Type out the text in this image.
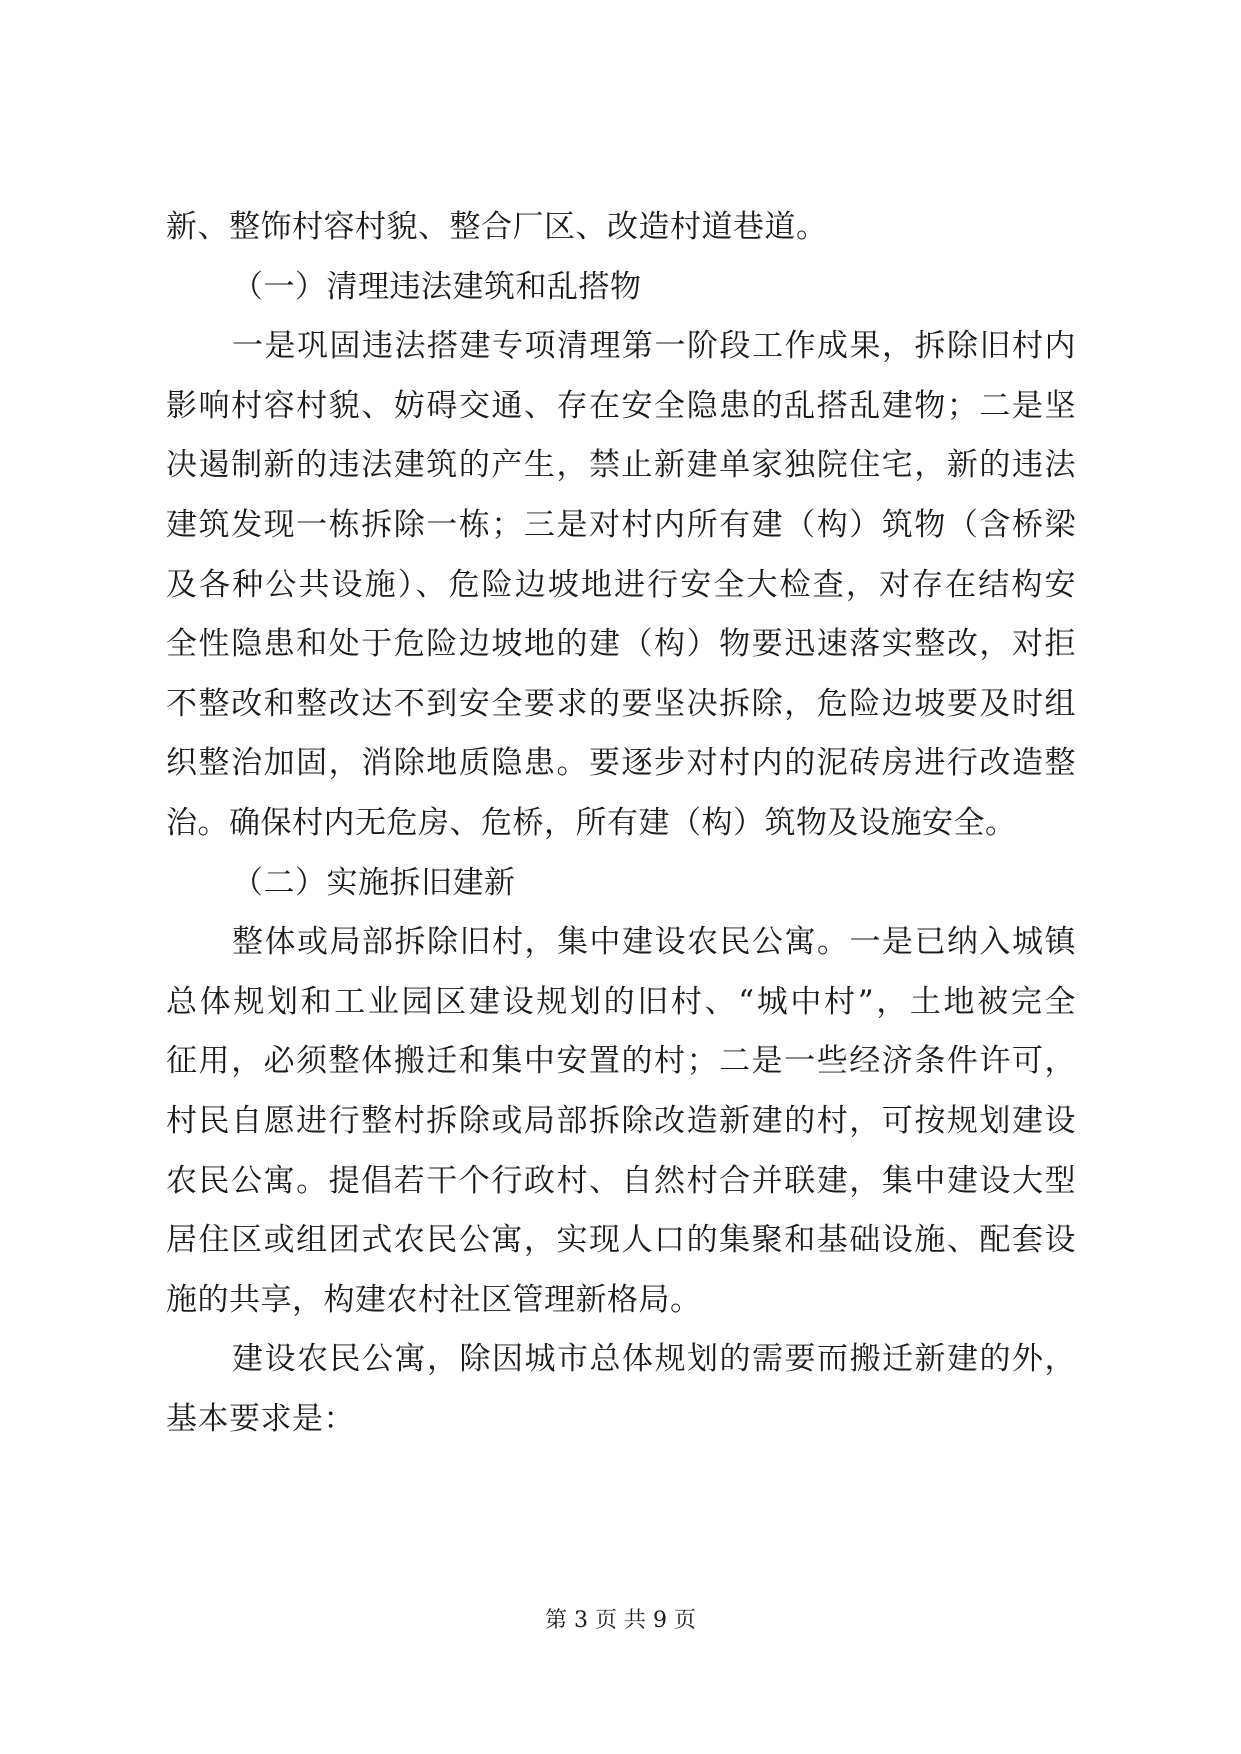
新、整饰村容村貌、整合厂区、改造村道巷道。
（一）清理违法建筑和乱搭物
一是巩固违法搭建专项清理第一阶段工作成果，拆除旧村内
影响村容村貌、妨碍交通、存在安全隐患的乱搭乱建物；二是坚
决遏制新的违法建筑的产生，禁止新建单家独院住宅，新的违法
建筑发现一栋拆除一栋；三是对村内所有建（构）筑物（含桥梁
及各种公共设施）、危险边坡地进行安全大检查，对存在结构安
全性隐患和处于危险边坡地的建（构）物要迅速落实整改，对拒
不整改和整改达不到安全要求的要坚决拆除，危险边坡要及时组
织整治加固，消除地质隐患。要逐步对村内的泥砖房进行改造整
治。确保村内无危房、危桥，所有建（构）筑物及设施安全。
（二）实施拆旧建新
整体或局部拆除旧村，集中建设农民公寓。一是已纳入城镇
总体规划和工业园区建设规划的旧村、“城中村”，土地被完全
征用，必须整体搬迁和集中安置的村；二是一些经济条件许可，
村民自愿进行整村拆除或局部拆除改造新建的村，可按规划建设
农民公寓。提倡若干个行政村、自然村合并联建，集中建设大型
居住区或组团式农民公寓，实现人口的集聚和基础设施、配套设
施的共享，构建农村社区管理新格局。
建设农民公寓，除因城市总体规划的需要而搬迁新建的外，
基本要求是：
第 3 页 共 9 页
